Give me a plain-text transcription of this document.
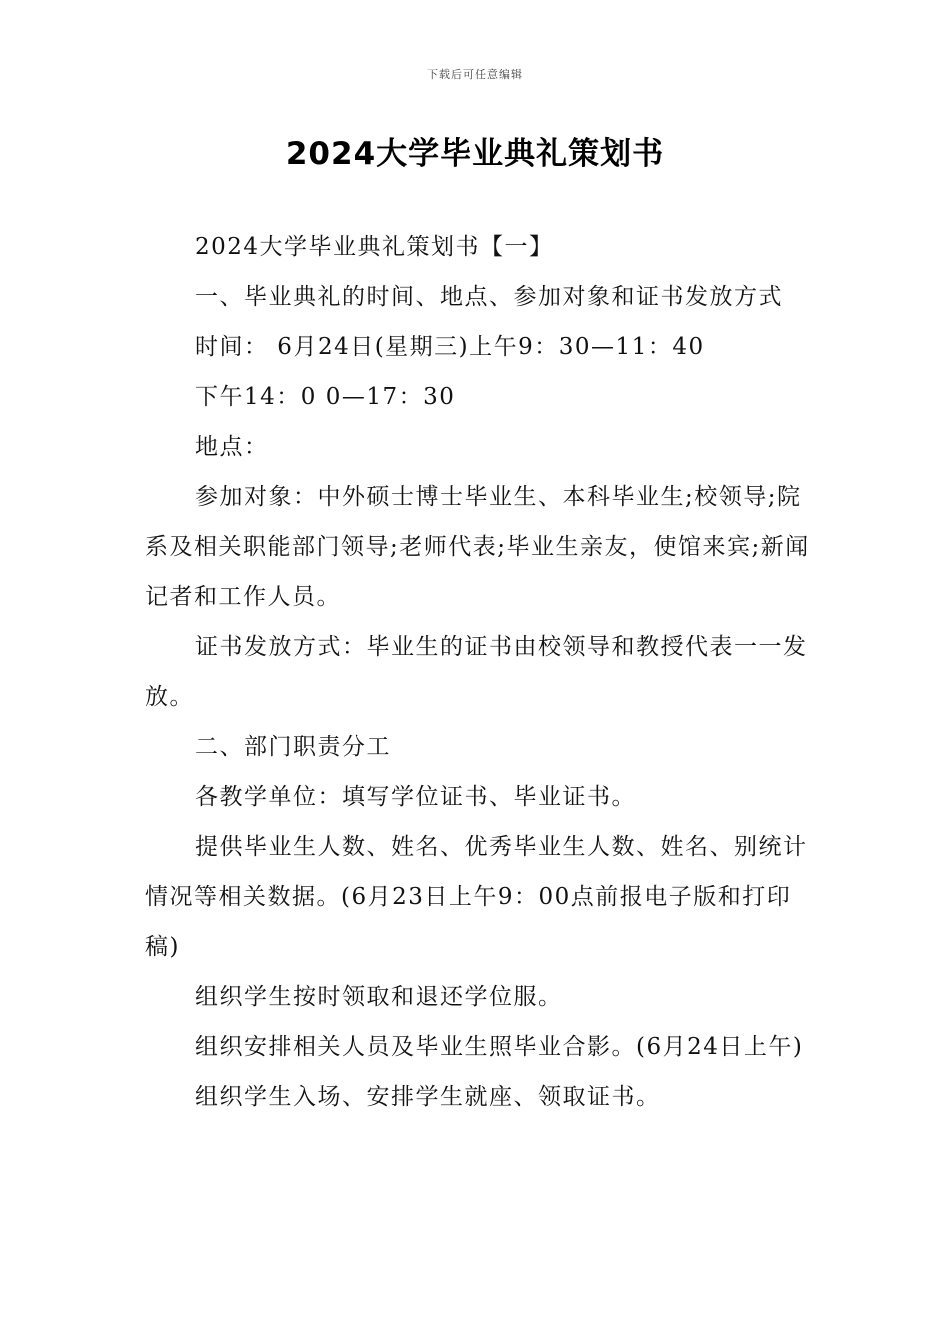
下载后可任意编辑
2024大学毕业典礼策划书

2024大学毕业典礼策划书【一】

一、毕业典礼的时间、地点、参加对象和证书发放方式

时间： 6月24日(星期三)上午9：30—11：40

下午14：0 0—17：30

地点：

参加对象：中外硕士博士毕业生、本科毕业生;校领导;院系及相关职能部门领导;老师代表;毕业生亲友，使馆来宾;新闻记者和工作人员。

证书发放方式：毕业生的证书由校领导和教授代表一一发放。

二、部门职责分工

各教学单位：填写学位证书、毕业证书。

提供毕业生人数、姓名、优秀毕业生人数、姓名、别统计情况等相关数据。(6月23日上午9：00点前报电子版和打印稿)

组织学生按时领取和退还学位服。

组织安排相关人员及毕业生照毕业合影。(6月24日上午)

组织学生入场、安排学生就座、领取证书。
